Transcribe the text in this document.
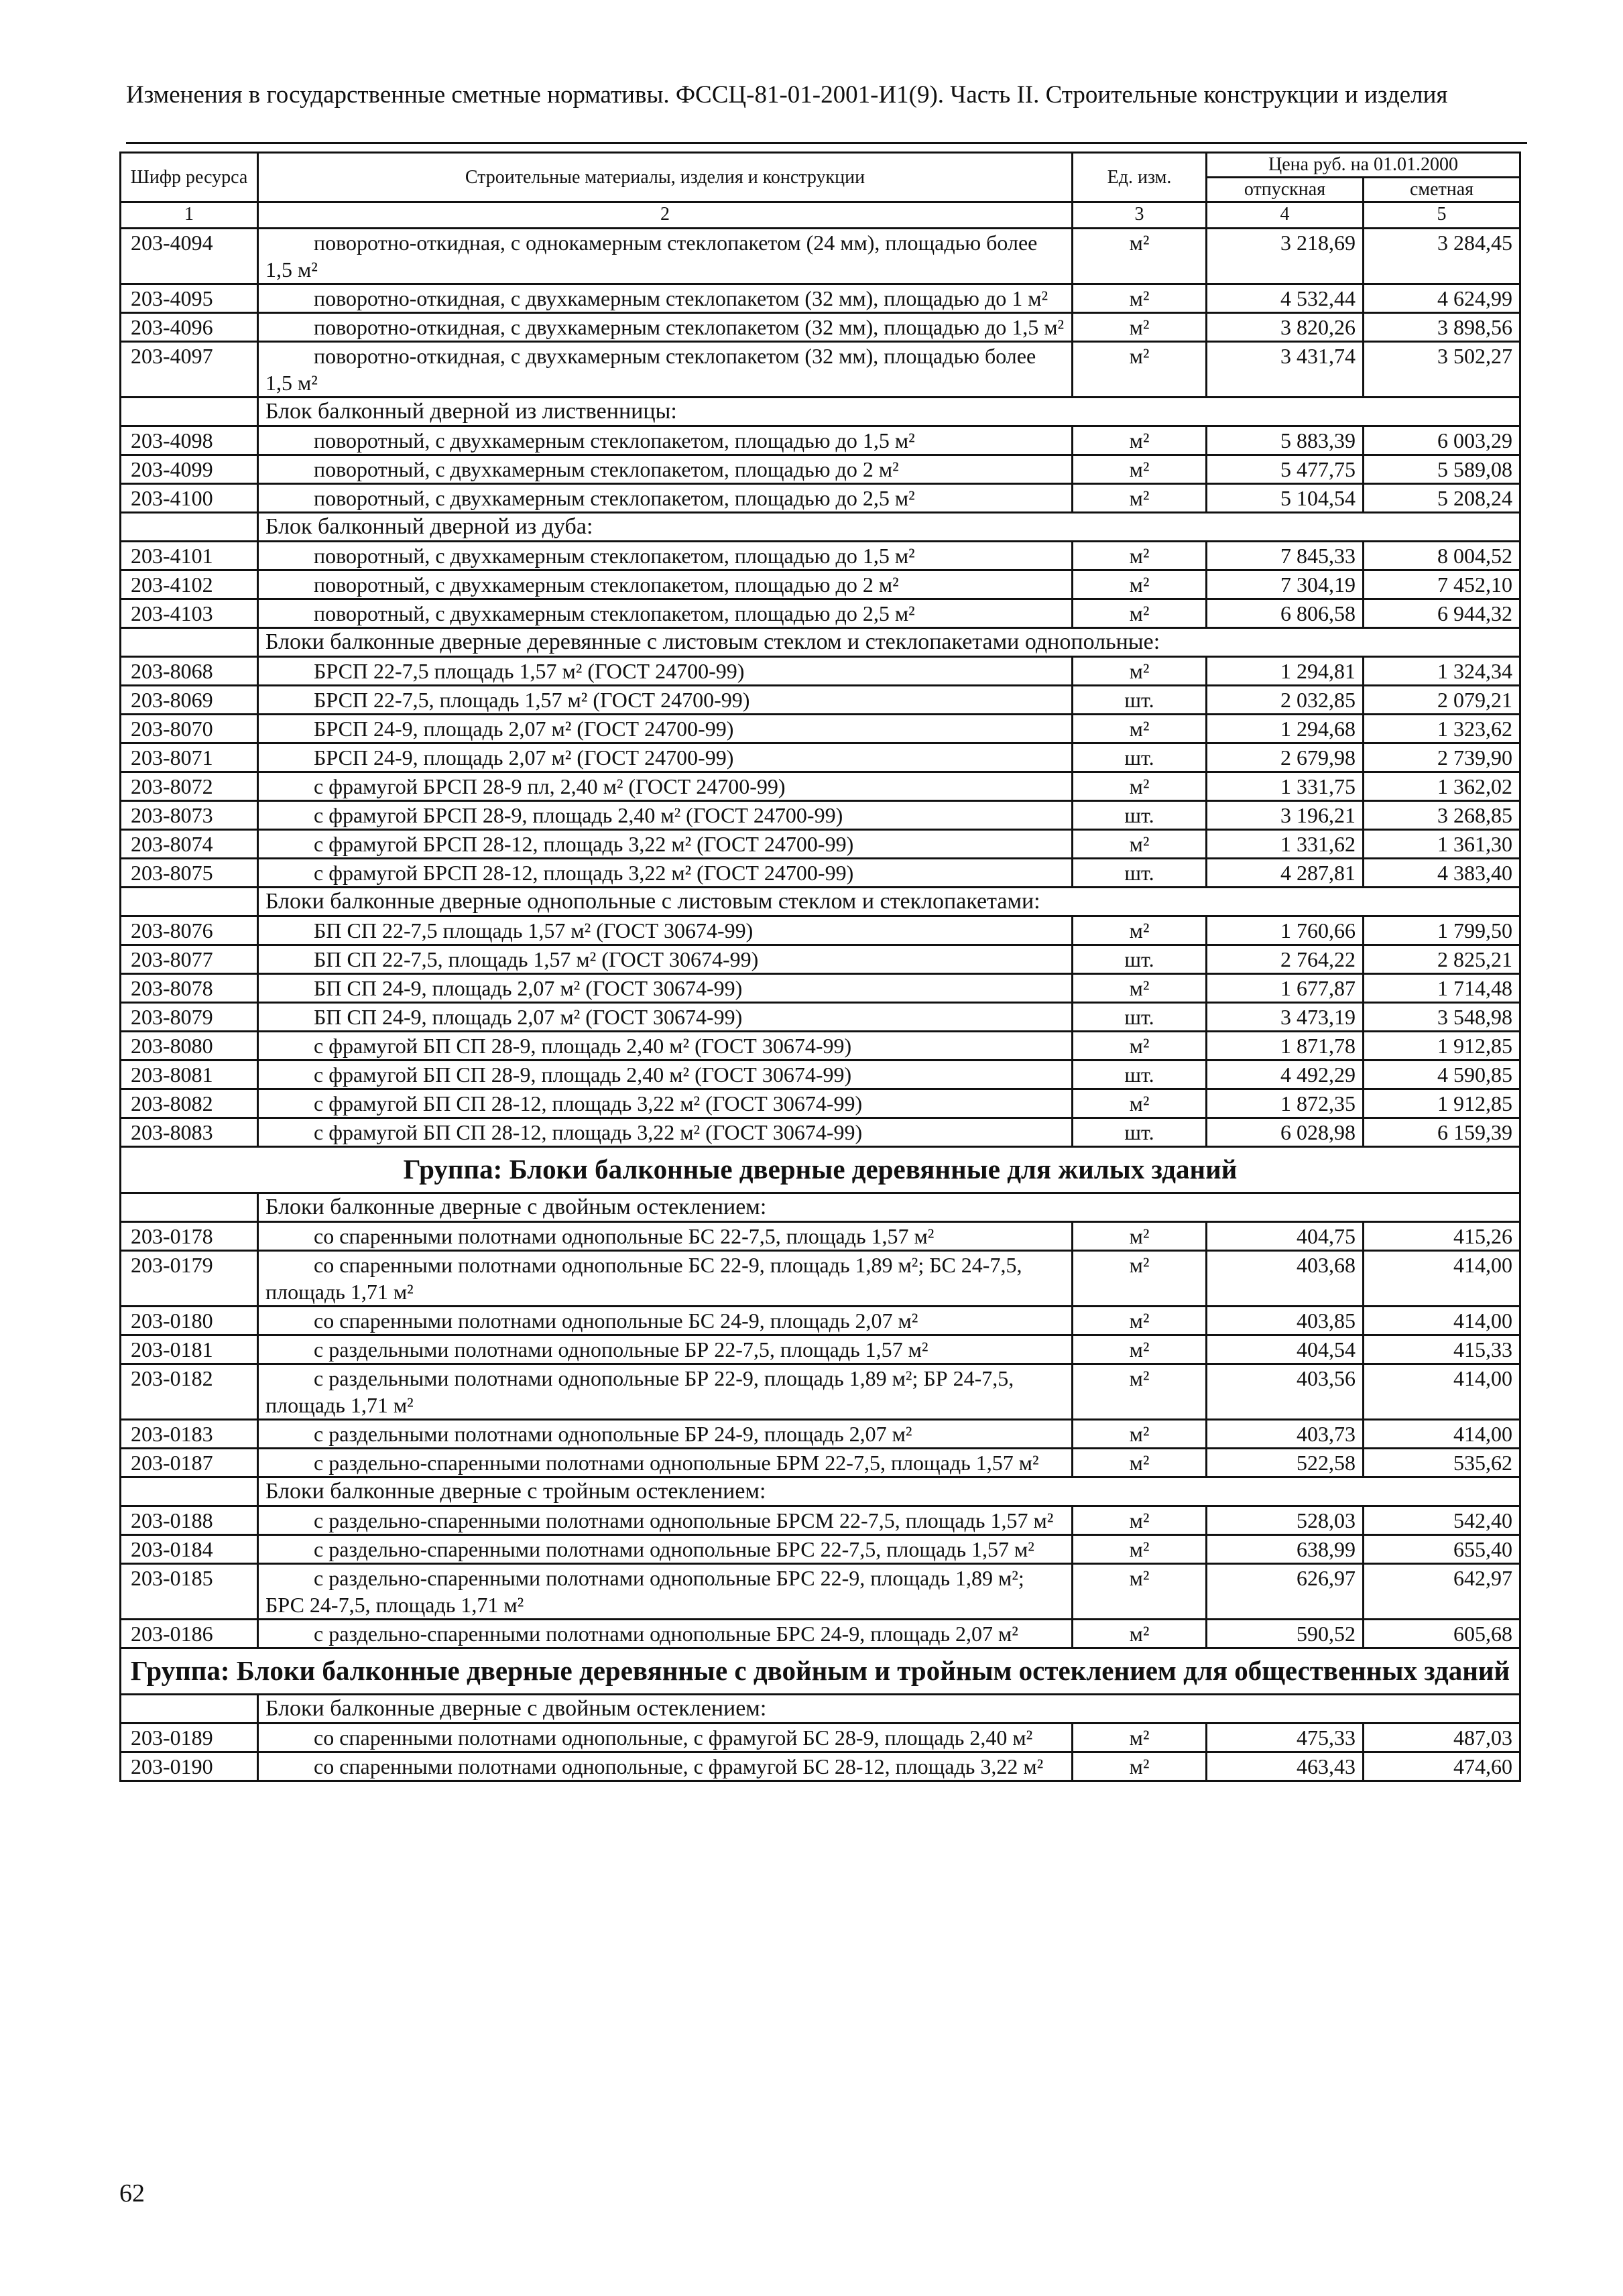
Изменения в государственные сметные нормативы. ФССЦ-81-01-2001-И1(9). Часть II. Строительные конструкции и изделия
Шифр ресурса	Строительные материалы, изделия и конструкции	Ед. изм.	Цена руб. на 01.01.2000	
			отпускная	сметная
1	2	3	4	5
203-4094	поворотно-откидная, с однокамерным стеклопакетом (24 мм), площадью более 1,5 м²	м²	3 218,69	3 284,45
203-4095	поворотно-откидная, с двухкамерным стеклопакетом (32 мм), площадью до 1 м²	м²	4 532,44	4 624,99
203-4096	поворотно-откидная, с двухкамерным стеклопакетом (32 мм), площадью до 1,5 м²	м²	3 820,26	3 898,56
203-4097	поворотно-откидная, с двухкамерным стеклопакетом (32 мм), площадью более 1,5 м²	м²	3 431,74	3 502,27
	Блок балконный дверной из лиственницы:			
203-4098	поворотный, с двухкамерным стеклопакетом, площадью до 1,5 м²	м²	5 883,39	6 003,29
203-4099	поворотный, с двухкамерным стеклопакетом, площадью до 2 м²	м²	5 477,75	5 589,08
203-4100	поворотный, с двухкамерным стеклопакетом, площадью до 2,5 м²	м²	5 104,54	5 208,24
	Блок балконный дверной из дуба:			
203-4101	поворотный, с двухкамерным стеклопакетом, площадью до 1,5 м²	м²	7 845,33	8 004,52
203-4102	поворотный, с двухкамерным стеклопакетом, площадью до 2 м²	м²	7 304,19	7 452,10
203-4103	поворотный, с двухкамерным стеклопакетом, площадью до 2,5 м²	м²	6 806,58	6 944,32
	Блоки балконные дверные деревянные с листовым стеклом и стеклопакетами однопольные:			
203-8068	БРСП 22-7,5 площадь 1,57 м² (ГОСТ 24700-99)	м²	1 294,81	1 324,34
203-8069	БРСП 22-7,5, площадь 1,57 м² (ГОСТ 24700-99)	шт.	2 032,85	2 079,21
203-8070	БРСП 24-9, площадь 2,07 м² (ГОСТ 24700-99)	м²	1 294,68	1 323,62
203-8071	БРСП 24-9, площадь 2,07 м² (ГОСТ 24700-99)	шт.	2 679,98	2 739,90
203-8072	с фрамугой БРСП 28-9 пл, 2,40 м² (ГОСТ 24700-99)	м²	1 331,75	1 362,02
203-8073	с фрамугой БРСП 28-9, площадь 2,40 м² (ГОСТ 24700-99)	шт.	3 196,21	3 268,85
203-8074	с фрамугой БРСП 28-12, площадь 3,22 м² (ГОСТ 24700-99)	м²	1 331,62	1 361,30
203-8075	с фрамугой БРСП 28-12, площадь 3,22 м² (ГОСТ 24700-99)	шт.	4 287,81	4 383,40
	Блоки балконные дверные однопольные с листовым стеклом и стеклопакетами:			
203-8076	БП СП 22-7,5 площадь 1,57 м² (ГОСТ 30674-99)	м²	1 760,66	1 799,50
203-8077	БП СП 22-7,5, площадь 1,57 м² (ГОСТ 30674-99)	шт.	2 764,22	2 825,21
203-8078	БП СП 24-9, площадь 2,07 м² (ГОСТ 30674-99)	м²	1 677,87	1 714,48
203-8079	БП СП 24-9, площадь 2,07 м² (ГОСТ 30674-99)	шт.	3 473,19	3 548,98
203-8080	с фрамугой БП СП 28-9, площадь 2,40 м² (ГОСТ 30674-99)	м²	1 871,78	1 912,85
203-8081	с фрамугой БП СП 28-9, площадь 2,40 м² (ГОСТ 30674-99)	шт.	4 492,29	4 590,85
203-8082	с фрамугой БП СП 28-12, площадь 3,22 м² (ГОСТ 30674-99)	м²	1 872,35	1 912,85
203-8083	с фрамугой БП СП 28-12, площадь 3,22 м² (ГОСТ 30674-99)	шт.	6 028,98	6 159,39
Группа: Блоки балконные дверные деревянные для жилых зданий				
	Блоки балконные дверные с двойным остеклением:			
203-0178	со спаренными полотнами однопольные БС 22-7,5, площадь 1,57 м²	м²	404,75	415,26
203-0179	со спаренными полотнами однопольные БС 22-9, площадь 1,89 м²; БС 24-7,5, площадь 1,71 м²	м²	403,68	414,00
203-0180	со спаренными полотнами однопольные БС 24-9, площадь 2,07 м²	м²	403,85	414,00
203-0181	с раздельными полотнами однопольные БР 22-7,5, площадь 1,57 м²	м²	404,54	415,33
203-0182	с раздельными полотнами однопольные БР 22-9, площадь 1,89 м²; БР 24-7,5, площадь 1,71 м²	м²	403,56	414,00
203-0183	с раздельными полотнами однопольные БР 24-9, площадь 2,07 м²	м²	403,73	414,00
203-0187	с раздельно-спаренными полотнами однопольные БРМ 22-7,5, площадь 1,57 м²	м²	522,58	535,62
	Блоки балконные дверные с тройным остеклением:			
203-0188	с раздельно-спаренными полотнами однопольные БРСМ 22-7,5, площадь 1,57 м²	м²	528,03	542,40
203-0184	с раздельно-спаренными полотнами однопольные БРС 22-7,5, площадь 1,57 м²	м²	638,99	655,40
203-0185	с раздельно-спаренными полотнами однопольные БРС 22-9, площадь 1,89 м²; БРС 24-7,5, площадь 1,71 м²	м²	626,97	642,97
203-0186	с раздельно-спаренными полотнами однопольные БРС 24-9, площадь 2,07 м²	м²	590,52	605,68
Группа: Блоки балконные дверные деревянные с двойным и тройным остеклением для общественных зданий				
	Блоки балконные дверные с двойным остеклением:			
203-0189	со спаренными полотнами однопольные, с фрамугой БС 28-9, площадь 2,40 м²	м²	475,33	487,03
203-0190	со спаренными полотнами однопольные, с фрамугой БС 28-12, площадь 3,22 м²	м²	463,43	474,60
62
